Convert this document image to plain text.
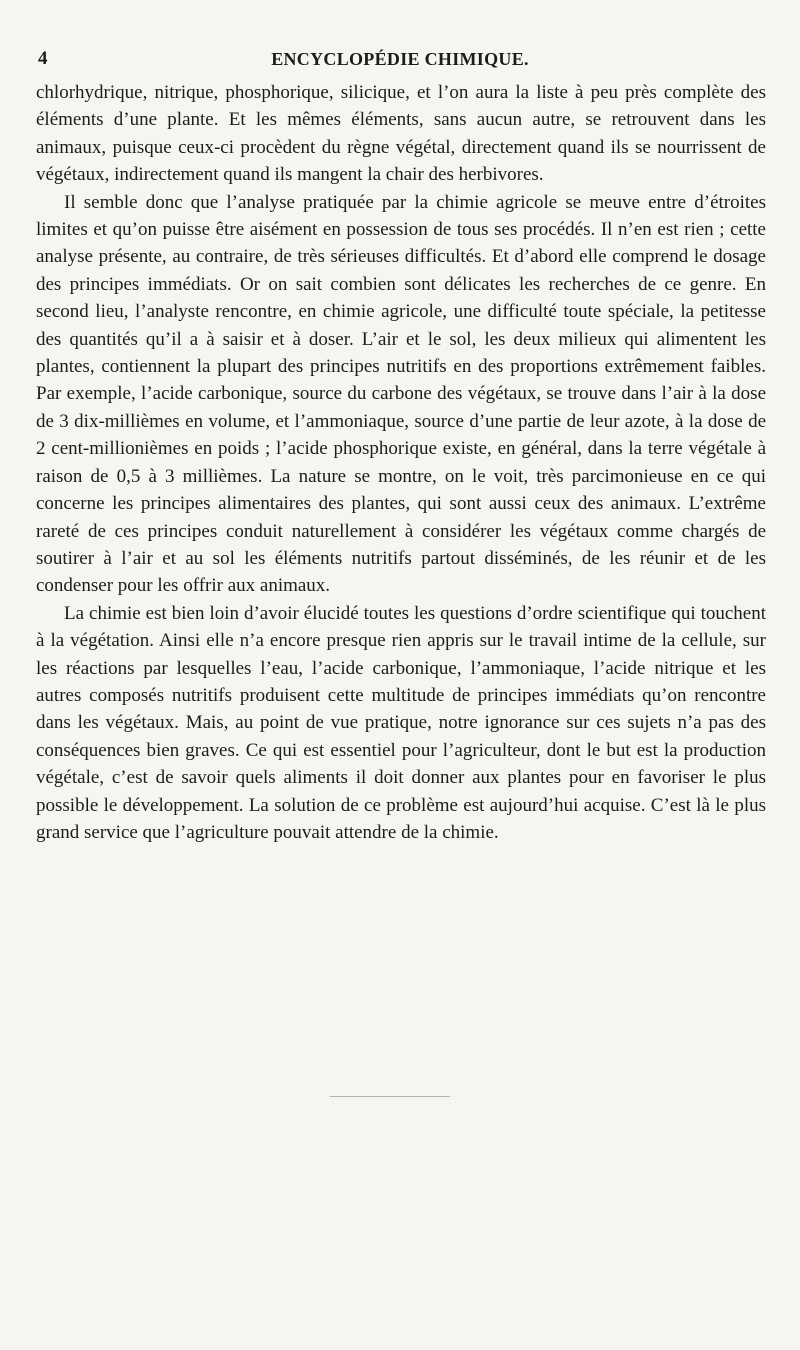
4	ENCYCLOPÉDIE CHIMIQUE.

chlorhydrique, nitrique, phosphorique, silicique, et l’on aura la liste à peu près complète des éléments d’une plante. Et les mêmes éléments, sans aucun autre, se retrouvent dans les animaux, puisque ceux-ci procèdent du règne végétal, directement quand ils se nourrissent de végétaux, indirectement quand ils mangent la chair des herbivores.

Il semble donc que l’analyse pratiquée par la chimie agricole se meuve entre d’étroites limites et qu’on puisse être aisément en possession de tous ses procédés. Il n’en est rien ; cette analyse présente, au contraire, de très sérieuses difficultés. Et d’abord elle comprend le dosage des principes immédiats. Or on sait combien sont délicates les recherches de ce genre. En second lieu, l’analyste rencontre, en chimie agricole, une difficulté toute spéciale, la petitesse des quantités qu’il a à saisir et à doser. L’air et le sol, les deux milieux qui alimentent les plantes, contiennent la plupart des principes nutritifs en des proportions extrêmement faibles. Par exemple, l’acide carbonique, source du carbone des végétaux, se trouve dans l’air à la dose de 3 dix-millièmes en volume, et l’ammoniaque, source d’une partie de leur azote, à la dose de 2 cent-millionièmes en poids ; l’acide phosphorique existe, en général, dans la terre végétale à raison de 0,5 à 3 millièmes. La nature se montre, on le voit, très parcimonieuse en ce qui concerne les principes alimentaires des plantes, qui sont aussi ceux des animaux. L’extrême rareté de ces principes conduit naturellement à considérer les végétaux comme chargés de soutirer à l’air et au sol les éléments nutritifs partout disséminés, de les réunir et de les condenser pour les offrir aux animaux.

La chimie est bien loin d’avoir élucidé toutes les questions d’ordre scientifique qui touchent à la végétation. Ainsi elle n’a encore presque rien appris sur le travail intime de la cellule, sur les réactions par lesquelles l’eau, l’acide carbonique, l’ammoniaque, l’acide nitrique et les autres composés nutritifs produisent cette multitude de principes immédiats qu’on rencontre dans les végétaux. Mais, au point de vue pratique, notre ignorance sur ces sujets n’a pas des conséquences bien graves. Ce qui est essentiel pour l’agriculteur, dont le but est la production végétale, c’est de savoir quels aliments il doit donner aux plantes pour en favoriser le plus possible le développement. La solution de ce problème est aujourd’hui acquise. C’est là le plus grand service que l’agriculture pouvait attendre de la chimie.
